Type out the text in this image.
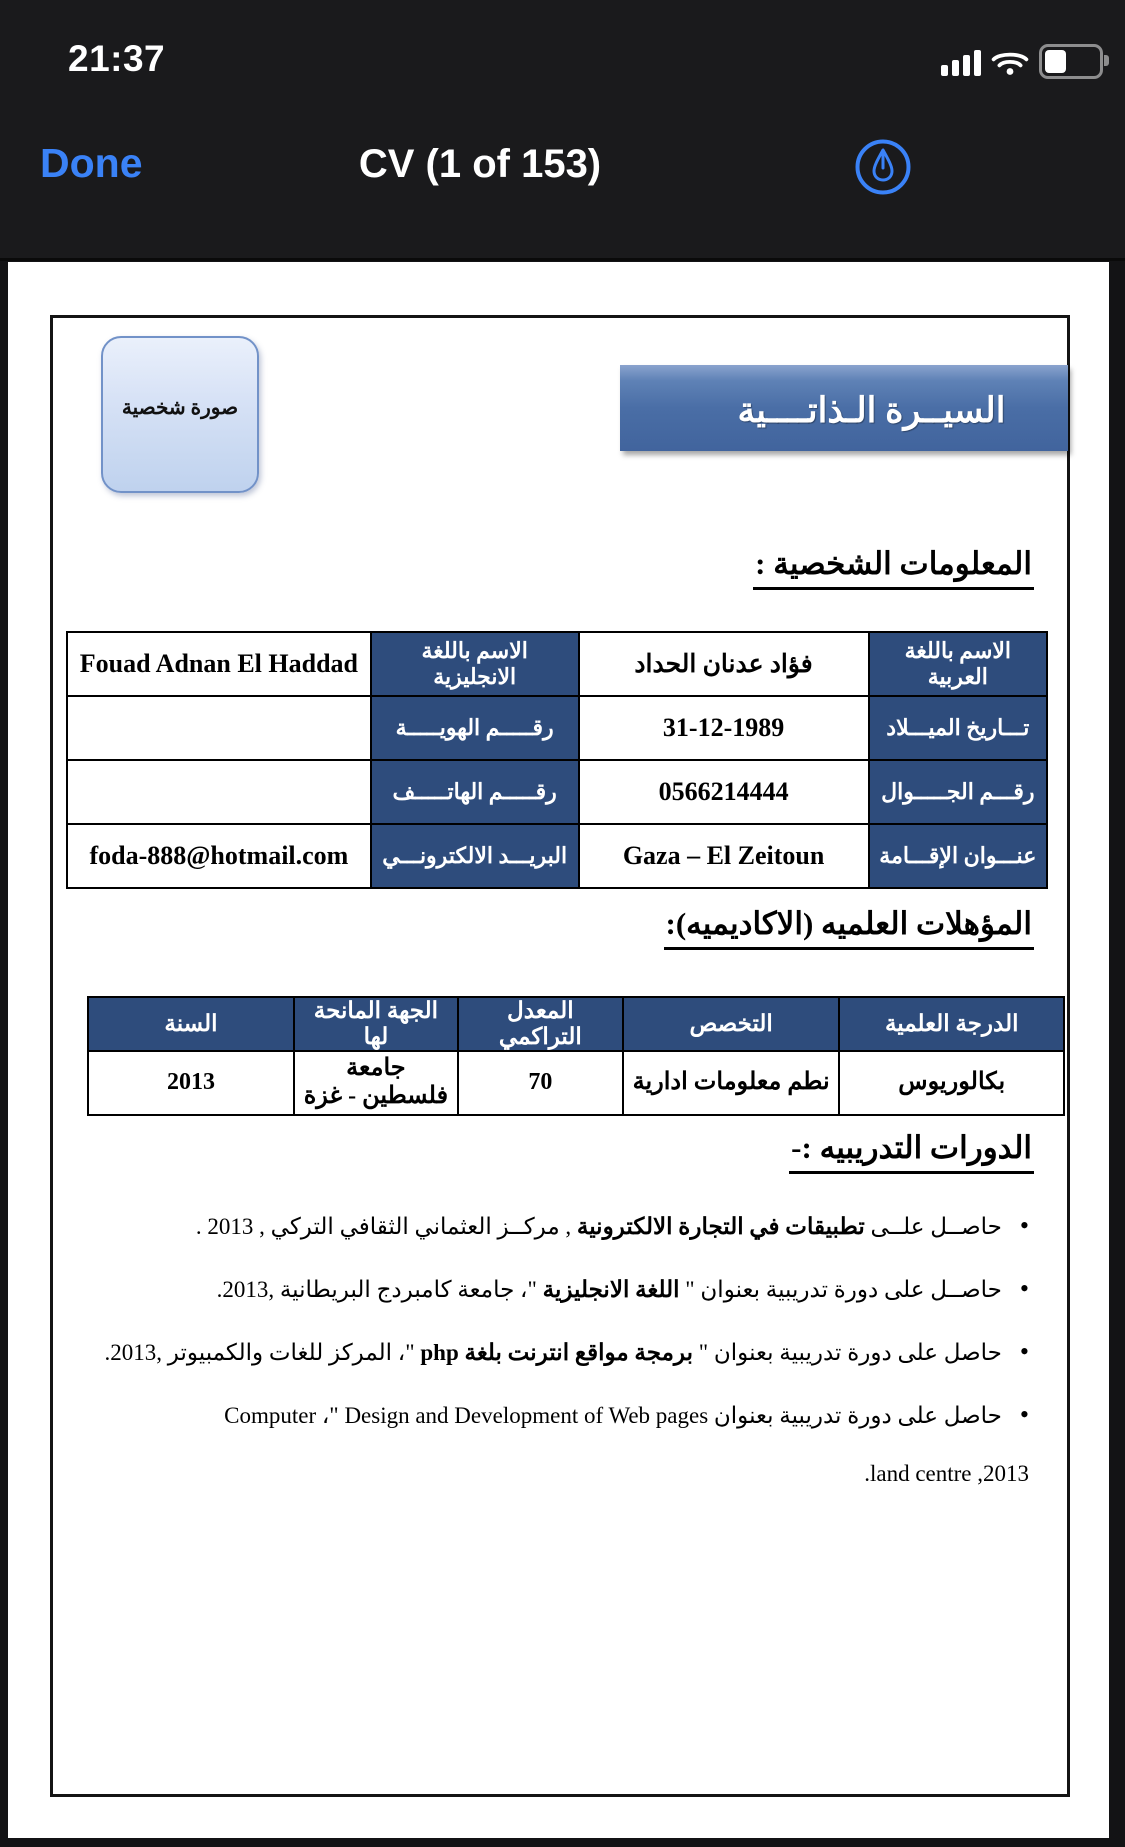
21:37
Done	CV (1 of 153)
صورة شخصية	السيــرة الـذاتــــية
المعلومات الشخصية :
Fouad Adnan El Haddad	الاسم باللغة الانجليزية	فؤاد عدنان الحداد	الاسم باللغة العربية
	رقـــــم الهويـــــة	31-12-1989	تـــاريخ الميـــلاد
	رقـــــم الهاتـــــف	0566214444	رقـــم الجـــــوال
foda-888@hotmail.com	البريـــد الالكترونـــي	Gaza – El Zeitoun	عنـــوان الإقـــامة
المؤهلات العلميه (الاكاديميه):
السنة	الجهة المانحة لها	المعدل التراكمي	التخصص	الدرجة العلمية
2013	جامعة فلسطين - غزة	70	نطم معلومات ادارية	بكالوريوس
الدورات التدريبيه :-
•حاصــل علــى تطبيقات في التجارة الالكترونية , مركــز العثماني الثقافي التركي , 2013 .
•حاصــل على دورة تدريبية بعنوان " اللغة الانجليزية "، جامعة كامبردج البريطانية ,2013.
•حاصل على دورة تدريبية بعنوان " برمجة مواقع انترنت بلغة php "، المركز للغات والكمبيوتر ,2013.
•حاصل على دورة تدريبية بعنوان Design and Development of Web pages "، Computer
2013, land centre.
